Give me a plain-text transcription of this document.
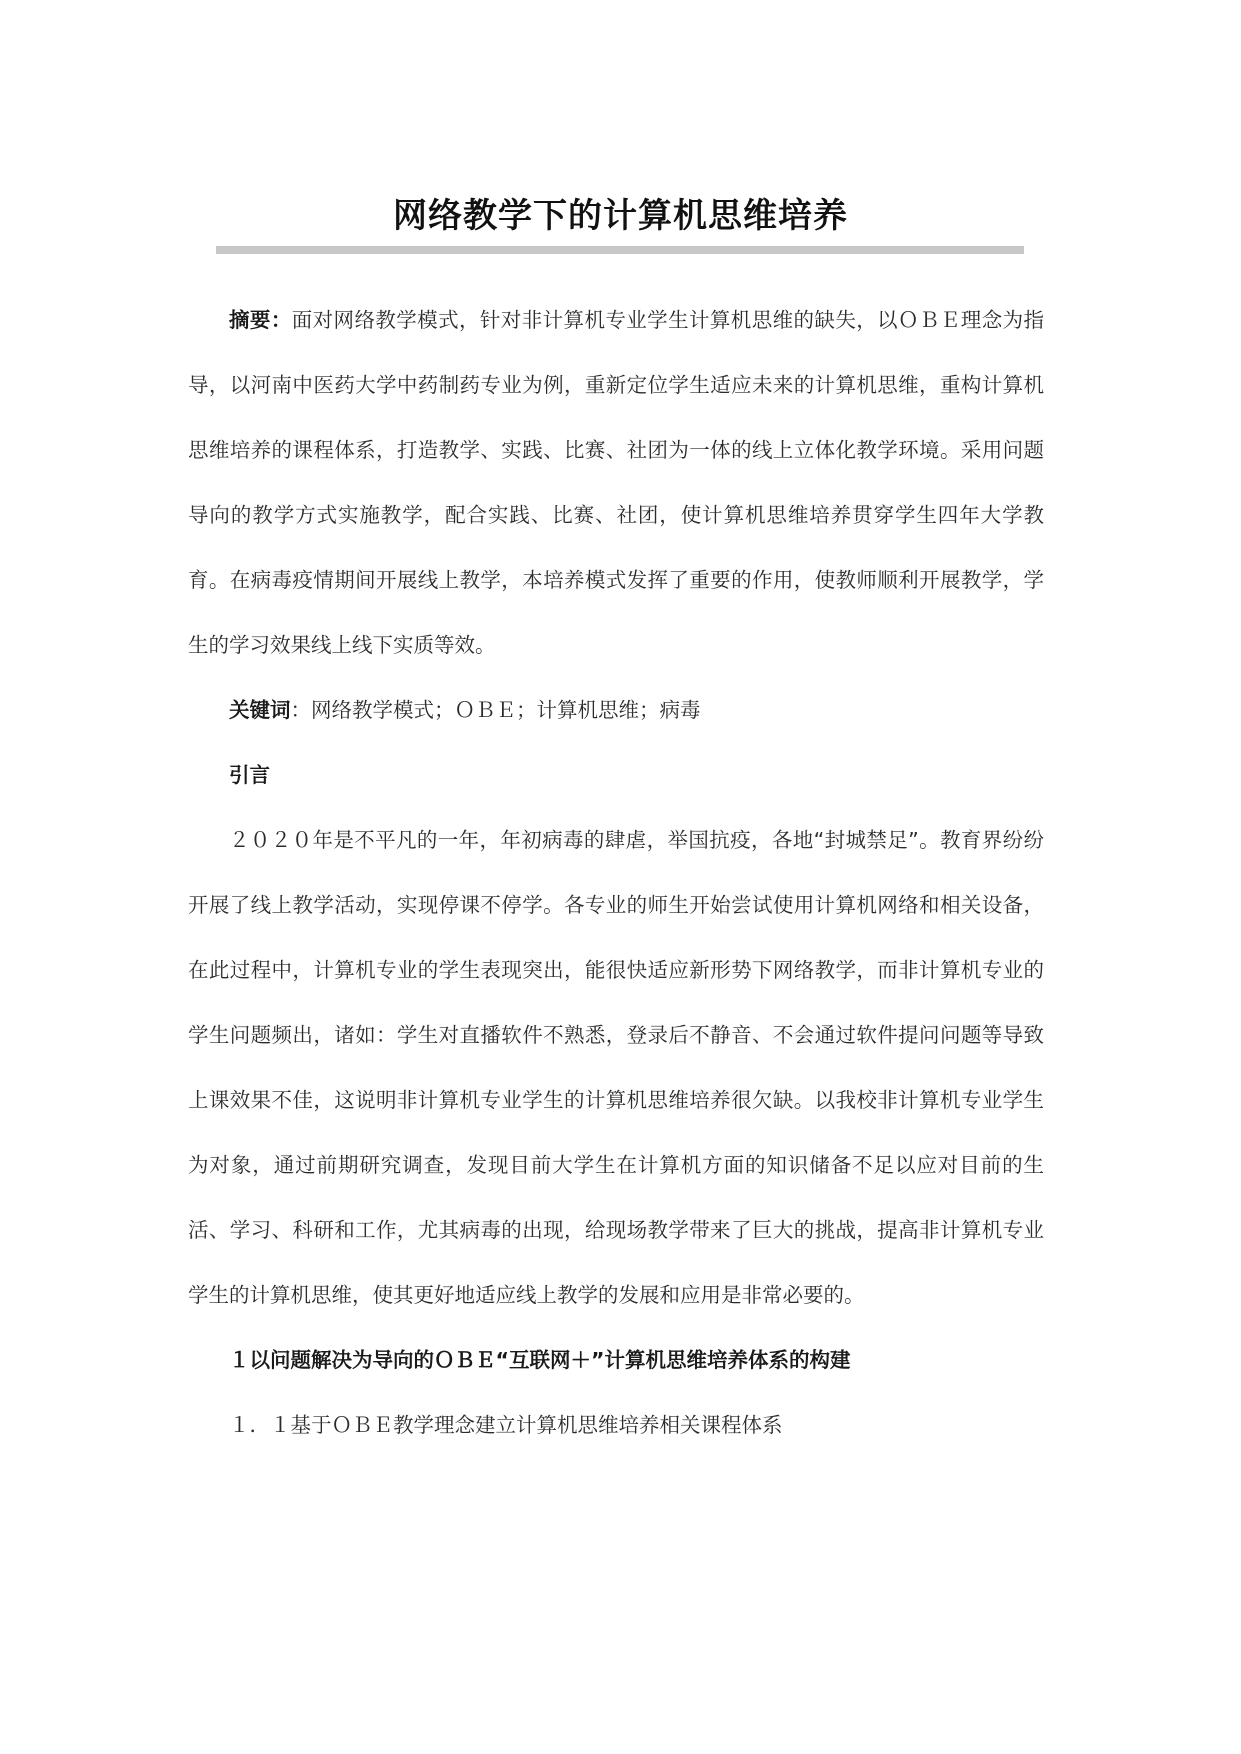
网络教学下的计算机思维培养

摘要：面对网络教学模式，针对非计算机专业学生计算机思维的缺失，以ＯＢＥ理念为指导，以河南中医药大学中药制药专业为例，重新定位学生适应未来的计算机思维，重构计算机思维培养的课程体系，打造教学、实践、比赛、社团为一体的线上立体化教学环境。采用问题导向的教学方式实施教学，配合实践、比赛、社团，使计算机思维培养贯穿学生四年大学教育。在病毒疫情期间开展线上教学，本培养模式发挥了重要的作用，使教师顺利开展教学，学生的学习效果线上线下实质等效。

关键词：网络教学模式；ＯＢＥ；计算机思维；病毒

引言

２０２０年是不平凡的一年，年初病毒的肆虐，举国抗疫，各地“封城禁足”。教育界纷纷开展了线上教学活动，实现停课不停学。各专业的师生开始尝试使用计算机网络和相关设备，在此过程中，计算机专业的学生表现突出，能很快适应新形势下网络教学，而非计算机专业的学生问题频出，诸如：学生对直播软件不熟悉，登录后不静音、不会通过软件提问问题等导致上课效果不佳，这说明非计算机专业学生的计算机思维培养很欠缺。以我校非计算机专业学生为对象，通过前期研究调查，发现目前大学生在计算机方面的知识储备不足以应对目前的生活、学习、科研和工作，尤其病毒的出现，给现场教学带来了巨大的挑战，提高非计算机专业学生的计算机思维，使其更好地适应线上教学的发展和应用是非常必要的。

１以问题解决为导向的ＯＢＥ“互联网＋”计算机思维培养体系的构建

１．１基于ＯＢＥ教学理念建立计算机思维培养相关课程体系
